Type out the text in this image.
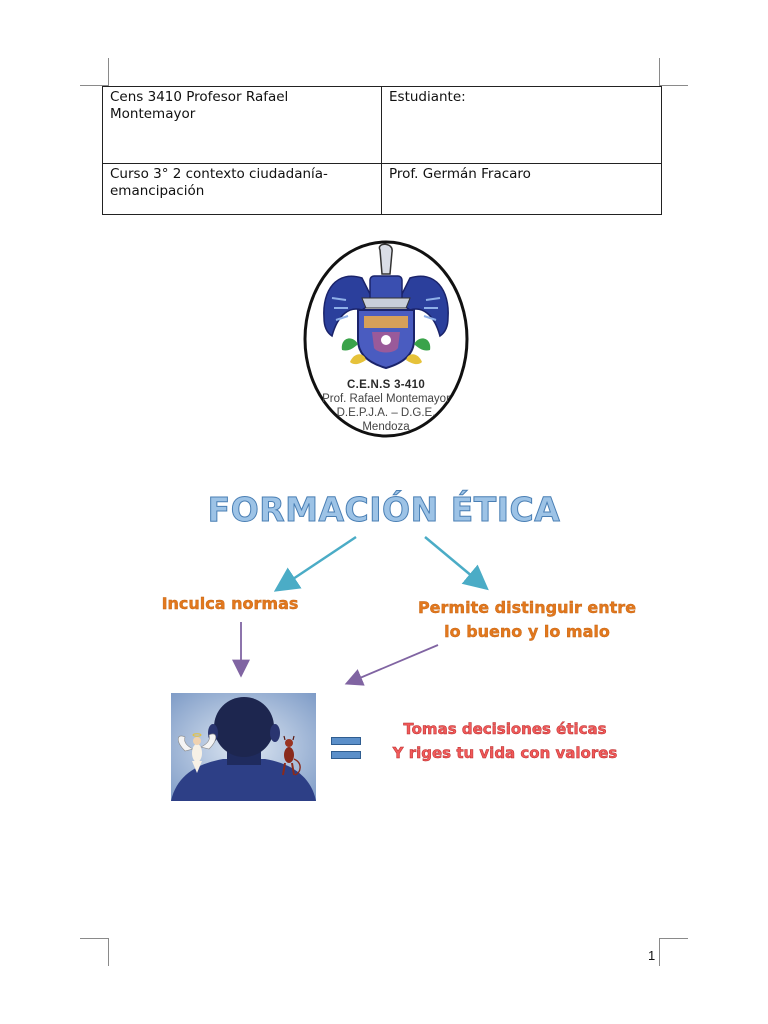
Cens 3410 Profesor Rafael Montemayor	Estudiante:
Curso 3° 2 contexto ciudadanía-emancipación	Prof. Germán Fracaro
C.E.N.S 3-410
Prof. Rafael Montemayor
D.E.P.J.A. – D.G.E.
Mendoza
FORMACIÓN ÉTICA
Inculca normas	Permite distinguir entre
lo bueno y lo malo
Tomas decisiones éticas
Y riges tu vida con valores
1
